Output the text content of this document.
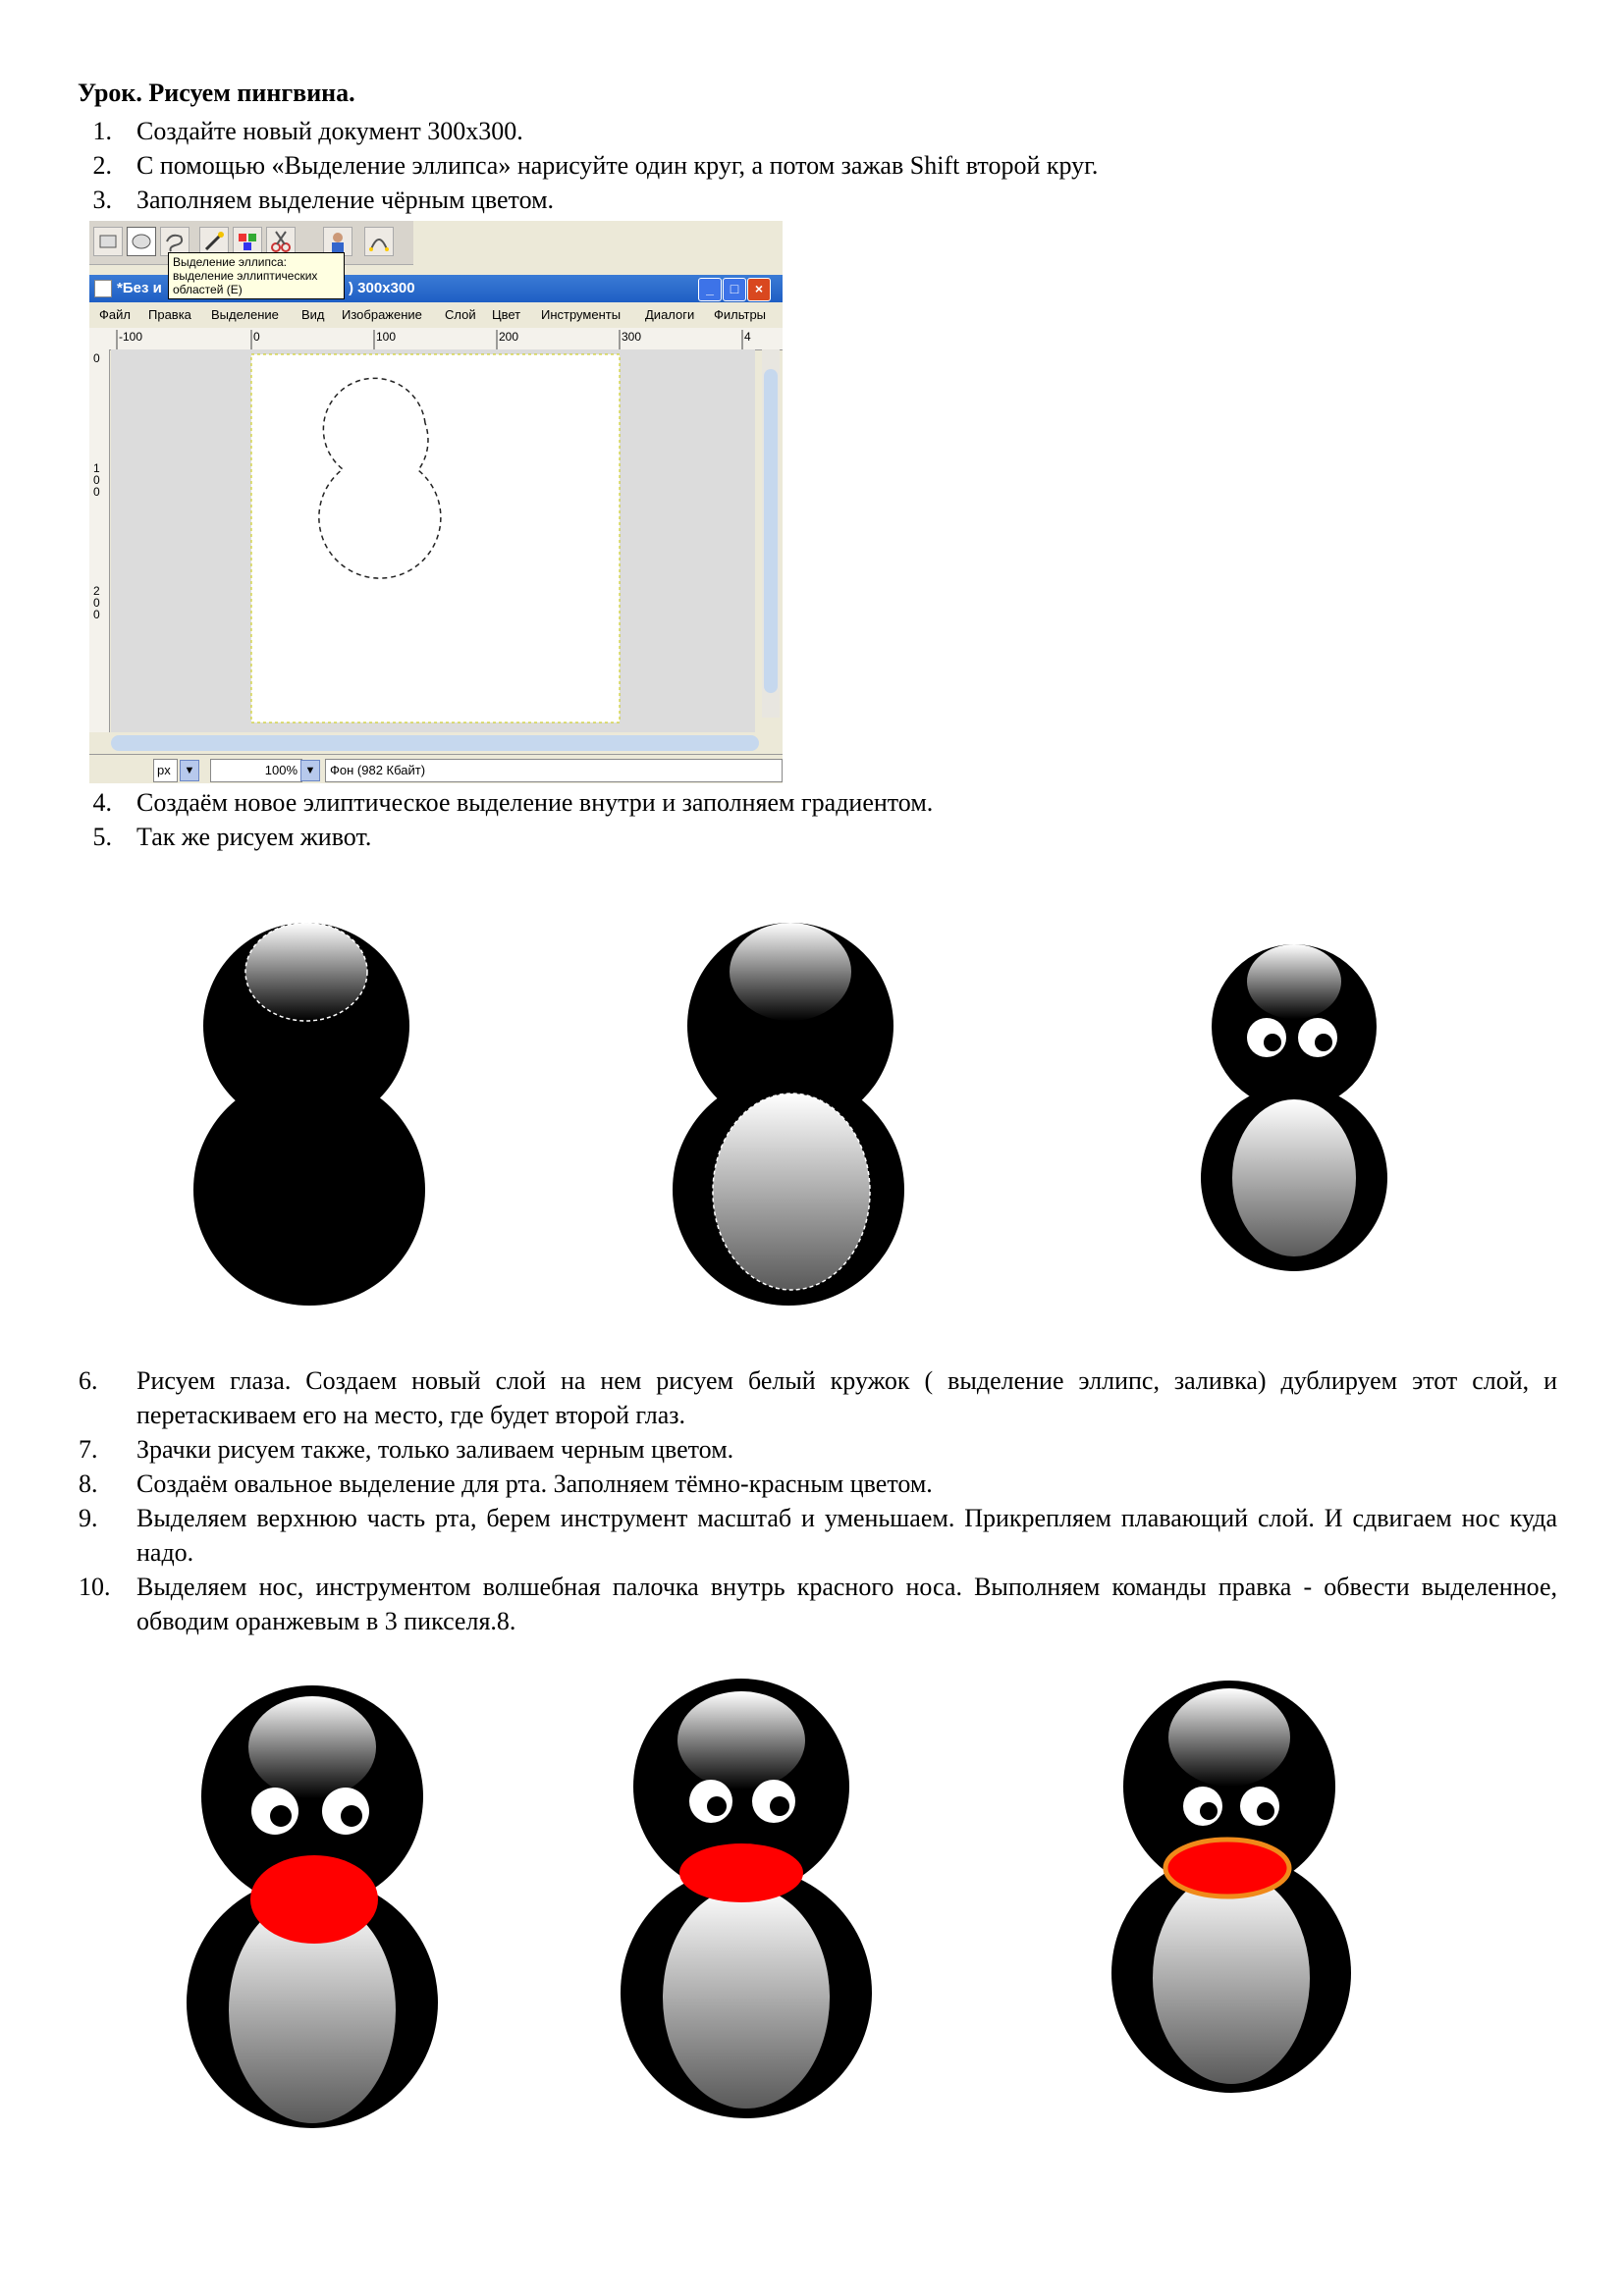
Урок. Рисуем пингвина.
1. Создайте новый документ 300x300.
2. С помощью «Выделение эллипса» нарисуйте один круг, а потом зажав Shift второй круг.
3. Заполняем выделение чёрным цветом.
Выделение эллипса:
выделение эллиптических
областей (E)
*Без и	) 300x300	_	□	×
Файл Правка Выделение Вид Изображение Слой Цвет Инструменты Диалоги Фильтры
-100	0	100	200	300	4
0
1
0
0
2
0
0
px	▼	100% ▼	Фон (982 Кбайт)
4. Создаём новое элиптическое выделение внутри и заполняем градиентом.
5. Так же рисуем живот.
6.	Рисуем глаза. Создаем новый слой на нем рисуем белый кружок ( выделение эллипс, заливка) дублируем этот слой, и перетаскиваем его на место, где будет второй глаз.
7.	Зрачки рисуем также, только заливаем черным цветом.
8.	Создаём овальное выделение для рта. Заполняем тёмно-красным цветом.
9.	Выделяем верхнюю часть рта, берем инструмент масштаб и уменьшаем. Прикрепляем плавающий слой. И сдвигаем нос куда надо.
10. Выделяем нос, инструментом волшебная палочка внутрь красного носа. Выполняем команды правка - обвести выделенное, обводим оранжевым в 3 пикселя.8.
